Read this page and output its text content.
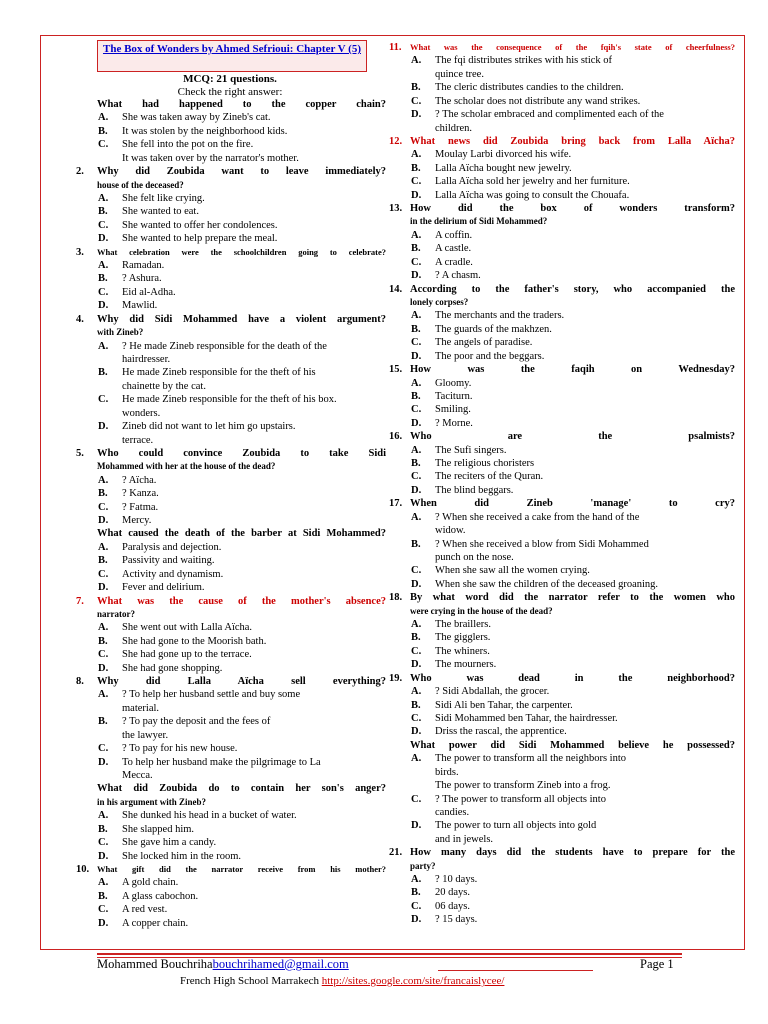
The Box of Wonders by Ahmed Sefrioui: Chapter V (5)
MCQ: 21 questions.
Check the right answer:
What had happened to the copper chain?
A.	She was taken away by Zineb's cat.
B.	It was stolen by the neighborhood kids.
C.	She fell into the pot on the fire.
It was taken over by the narrator's mother.
2.	Why did Zoubida want to leave immediately?
house of the deceased?
A.	She felt like crying.
B.	She wanted to eat.
C.	She wanted to offer her condolences.
D.	She wanted to help prepare the meal.
3.	What celebration were the schoolchildren going to celebrate?
A.	Ramadan.
B.	? Ashura.
C.	Eid al-Adha.
D.	Mawlid.
4.	Why did Sidi Mohammed have a violent argument?
with Zineb?
A.	? He made Zineb responsible for the death of the
hairdresser.
B.	He made Zineb responsible for the theft of his
chainette by the cat.
C.	He made Zineb responsible for the theft of his box.
wonders.
D.	Zineb did not want to let him go upstairs.
terrace.
5.	Who could convince Zoubida to take Sidi
Mohammed with her at the house of the dead?
A.	? Aïcha.
B.	? Kanza.
C.	? Fatma.
D.	Mercy.
What caused the death of the barber at Sidi Mohammed?
A.	Paralysis and dejection.
B.	Passivity and waiting.
C.	Activity and dynamism.
D.	Fever and delirium.
7.	What was the cause of the mother's absence?
narrator?
A.	She went out with Lalla Aïcha.
B.	She had gone to the Moorish bath.
C.	She had gone up to the terrace.
D.	She had gone shopping.
8.	Why did Lalla Aïcha sell everything?
A.	? To help her husband settle and buy some
material.
B.	? To pay the deposit and the fees of
the lawyer.
C.	? To pay for his new house.
D.	To help her husband make the pilgrimage to La
Mecca.
What did Zoubida do to contain her son's anger?
in his argument with Zineb?
A.	She dunked his head in a bucket of water.
B.	She slapped him.
C.	She gave him a candy.
D.	She locked him in the room.
10. What gift did the narrator receive from his mother?
A.	A gold chain.
B.	A glass cabochon.
C.	A red vest.
D.	A copper chain.
11. What was the consequence of the fqih's state of cheerfulness?
A.	The fqi distributes strikes with his stick of
quince tree.
B.	The cleric distributes candies to the children.
C.	The scholar does not distribute any wand strikes.
D.	? The scholar embraced and complimented each of the
children.
12. What news did Zoubida bring back from Lalla Aïcha?
A.	Moulay Larbi divorced his wife.
B.	Lalla Aïcha bought new jewelry.
C.	Lalla Aïcha sold her jewelry and her furniture.
D.	Lalla Aïcha was going to consult the Chouafa.
13. How did the box of wonders transform?
in the delirium of Sidi Mohammed?
A.	A coffin.
B.	A castle.
C.	A cradle.
D.	? A chasm.
14. According to the father's story, who accompanied the
lonely corpses?
A.	The merchants and the traders.
B.	The guards of the makhzen.
C.	The angels of paradise.
D.	The poor and the beggars.
15. How was the faqih on Wednesday?
A.	Gloomy.
B.	Taciturn.
C.	Smiling.
D.	? Morne.
16. Who are the psalmists?
A.	The Sufi singers.
B.	The religious choristers
C.	The reciters of the Quran.
D.	The blind beggars.
17. When did Zineb 'manage' to cry?
A.	? When she received a cake from the hand of the
widow.
B.	? When she received a blow from Sidi Mohammed
punch on the nose.
C.	When she saw all the women crying.
D.	When she saw the children of the deceased groaning.
18. By what word did the narrator refer to the women who
were crying in the house of the dead?
A.	The braillers.
B.	The gigglers.
C.	The whiners.
D.	The mourners.
19. Who was dead in the neighborhood?
A.	? Sidi Abdallah, the grocer.
B.	Sidi Ali ben Tahar, the carpenter.
C.	Sidi Mohammed ben Tahar, the hairdresser.
D.	Driss the rascal, the apprentice.
What power did Sidi Mohammed believe he possessed?
A.	The power to transform all the neighbors into
birds.
The power to transform Zineb into a frog.
C.	? The power to transform all objects into
candies.
D.	The power to turn all objects into gold
and in jewels.
21. How many days did the students have to prepare for the
party?
A.	? 10 days.
B.	20 days.
C.	06 days.
D.	? 15 days.
Mohammed Bouchrihabouchrihamed@gmail.com	Page 1
French High School Marrakech http://sites.google.com/site/francaislycee/
